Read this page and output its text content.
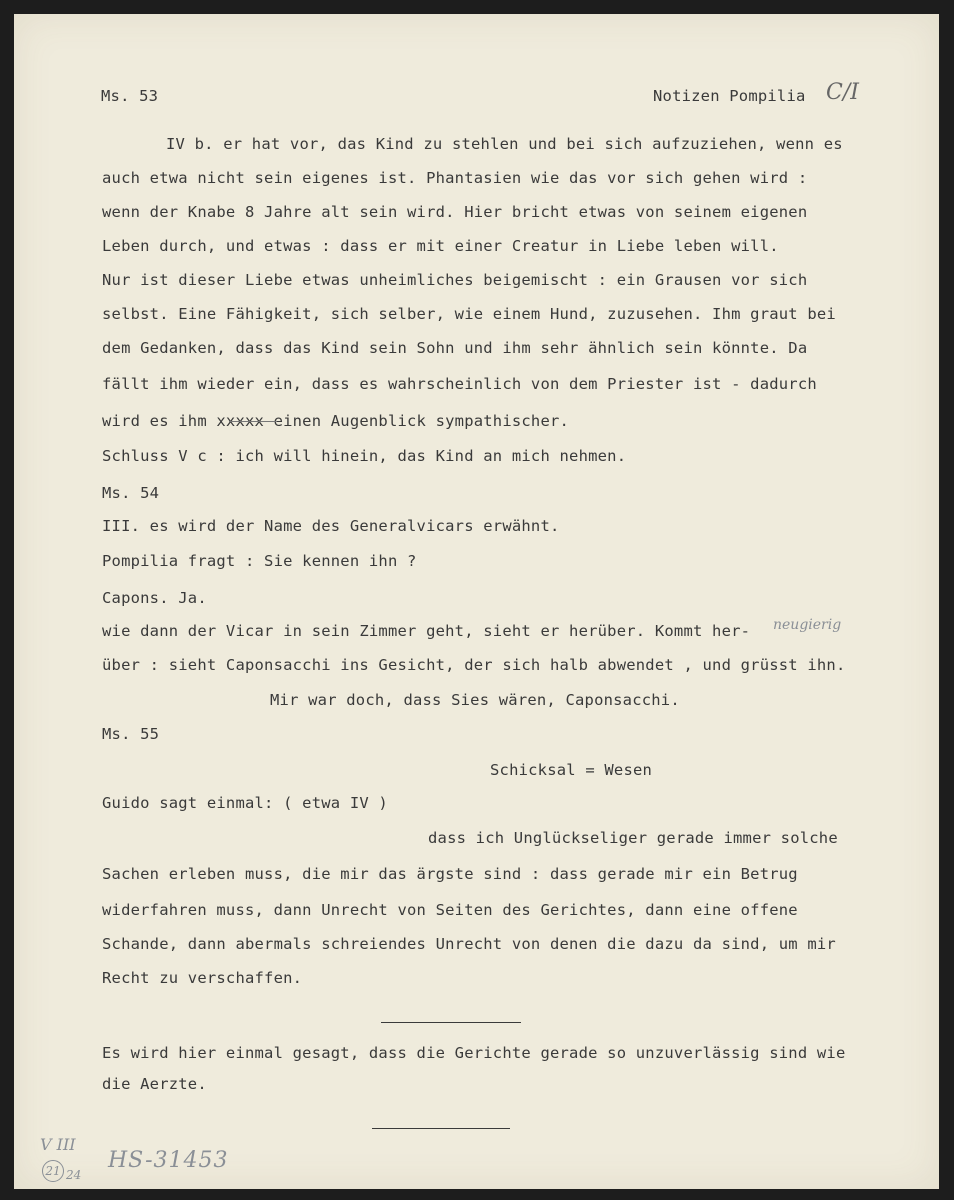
Ms. 53	Notizen Pompilia C/I
IV b. er hat vor, das Kind zu stehlen und bei sich aufzuziehen, wenn es
auch etwa nicht sein eigenes ist. Phantasien wie das vor sich gehen wird :
wenn der Knabe 8 Jahre alt sein wird. Hier bricht etwas von seinem eigenen
Leben durch, und etwas : dass er mit einer Creatur in Liebe leben will.
Nur ist dieser Liebe etwas unheimliches beigemischt : ein Grausen vor sich
selbst. Eine Fähigkeit, sich selber, wie einem Hund, zuzusehen. Ihm graut bei
dem Gedanken, dass das Kind sein Sohn und ihm sehr ähnlich sein könnte. Da
fällt ihm wieder ein, dass es wahrscheinlich von dem Priester ist - dadurch
wird es ihm xxxxx einen Augenblick sympathischer.
Schluss V c : ich will hinein, das Kind an mich nehmen.
Ms. 54
III. es wird der Name des Generalvicars erwähnt.
Pompilia fragt : Sie kennen ihn ?
Capons. Ja.
wie dann der Vicar in sein Zimmer geht, sieht er herüber. Kommt her- neugierig
über : sieht Caponsacchi ins Gesicht, der sich halb abwendet , und grüsst ihn.
Mir war doch, dass Sies wären, Caponsacchi.
Ms. 55
Schicksal = Wesen
Guido sagt einmal: ( etwa IV )
dass ich Unglückseliger gerade immer solche
Sachen erleben muss, die mir das ärgste sind : dass gerade mir ein Betrug
widerfahren muss, dann Unrecht von Seiten des Gerichtes, dann eine offene
Schande, dann abermals schreiendes Unrecht von denen die dazu da sind, um mir
Recht zu verschaffen.
Es wird hier einmal gesagt, dass die Gerichte gerade so unzuverlässig sind wie
die Aerzte.
V III
21 24
HS-31453
